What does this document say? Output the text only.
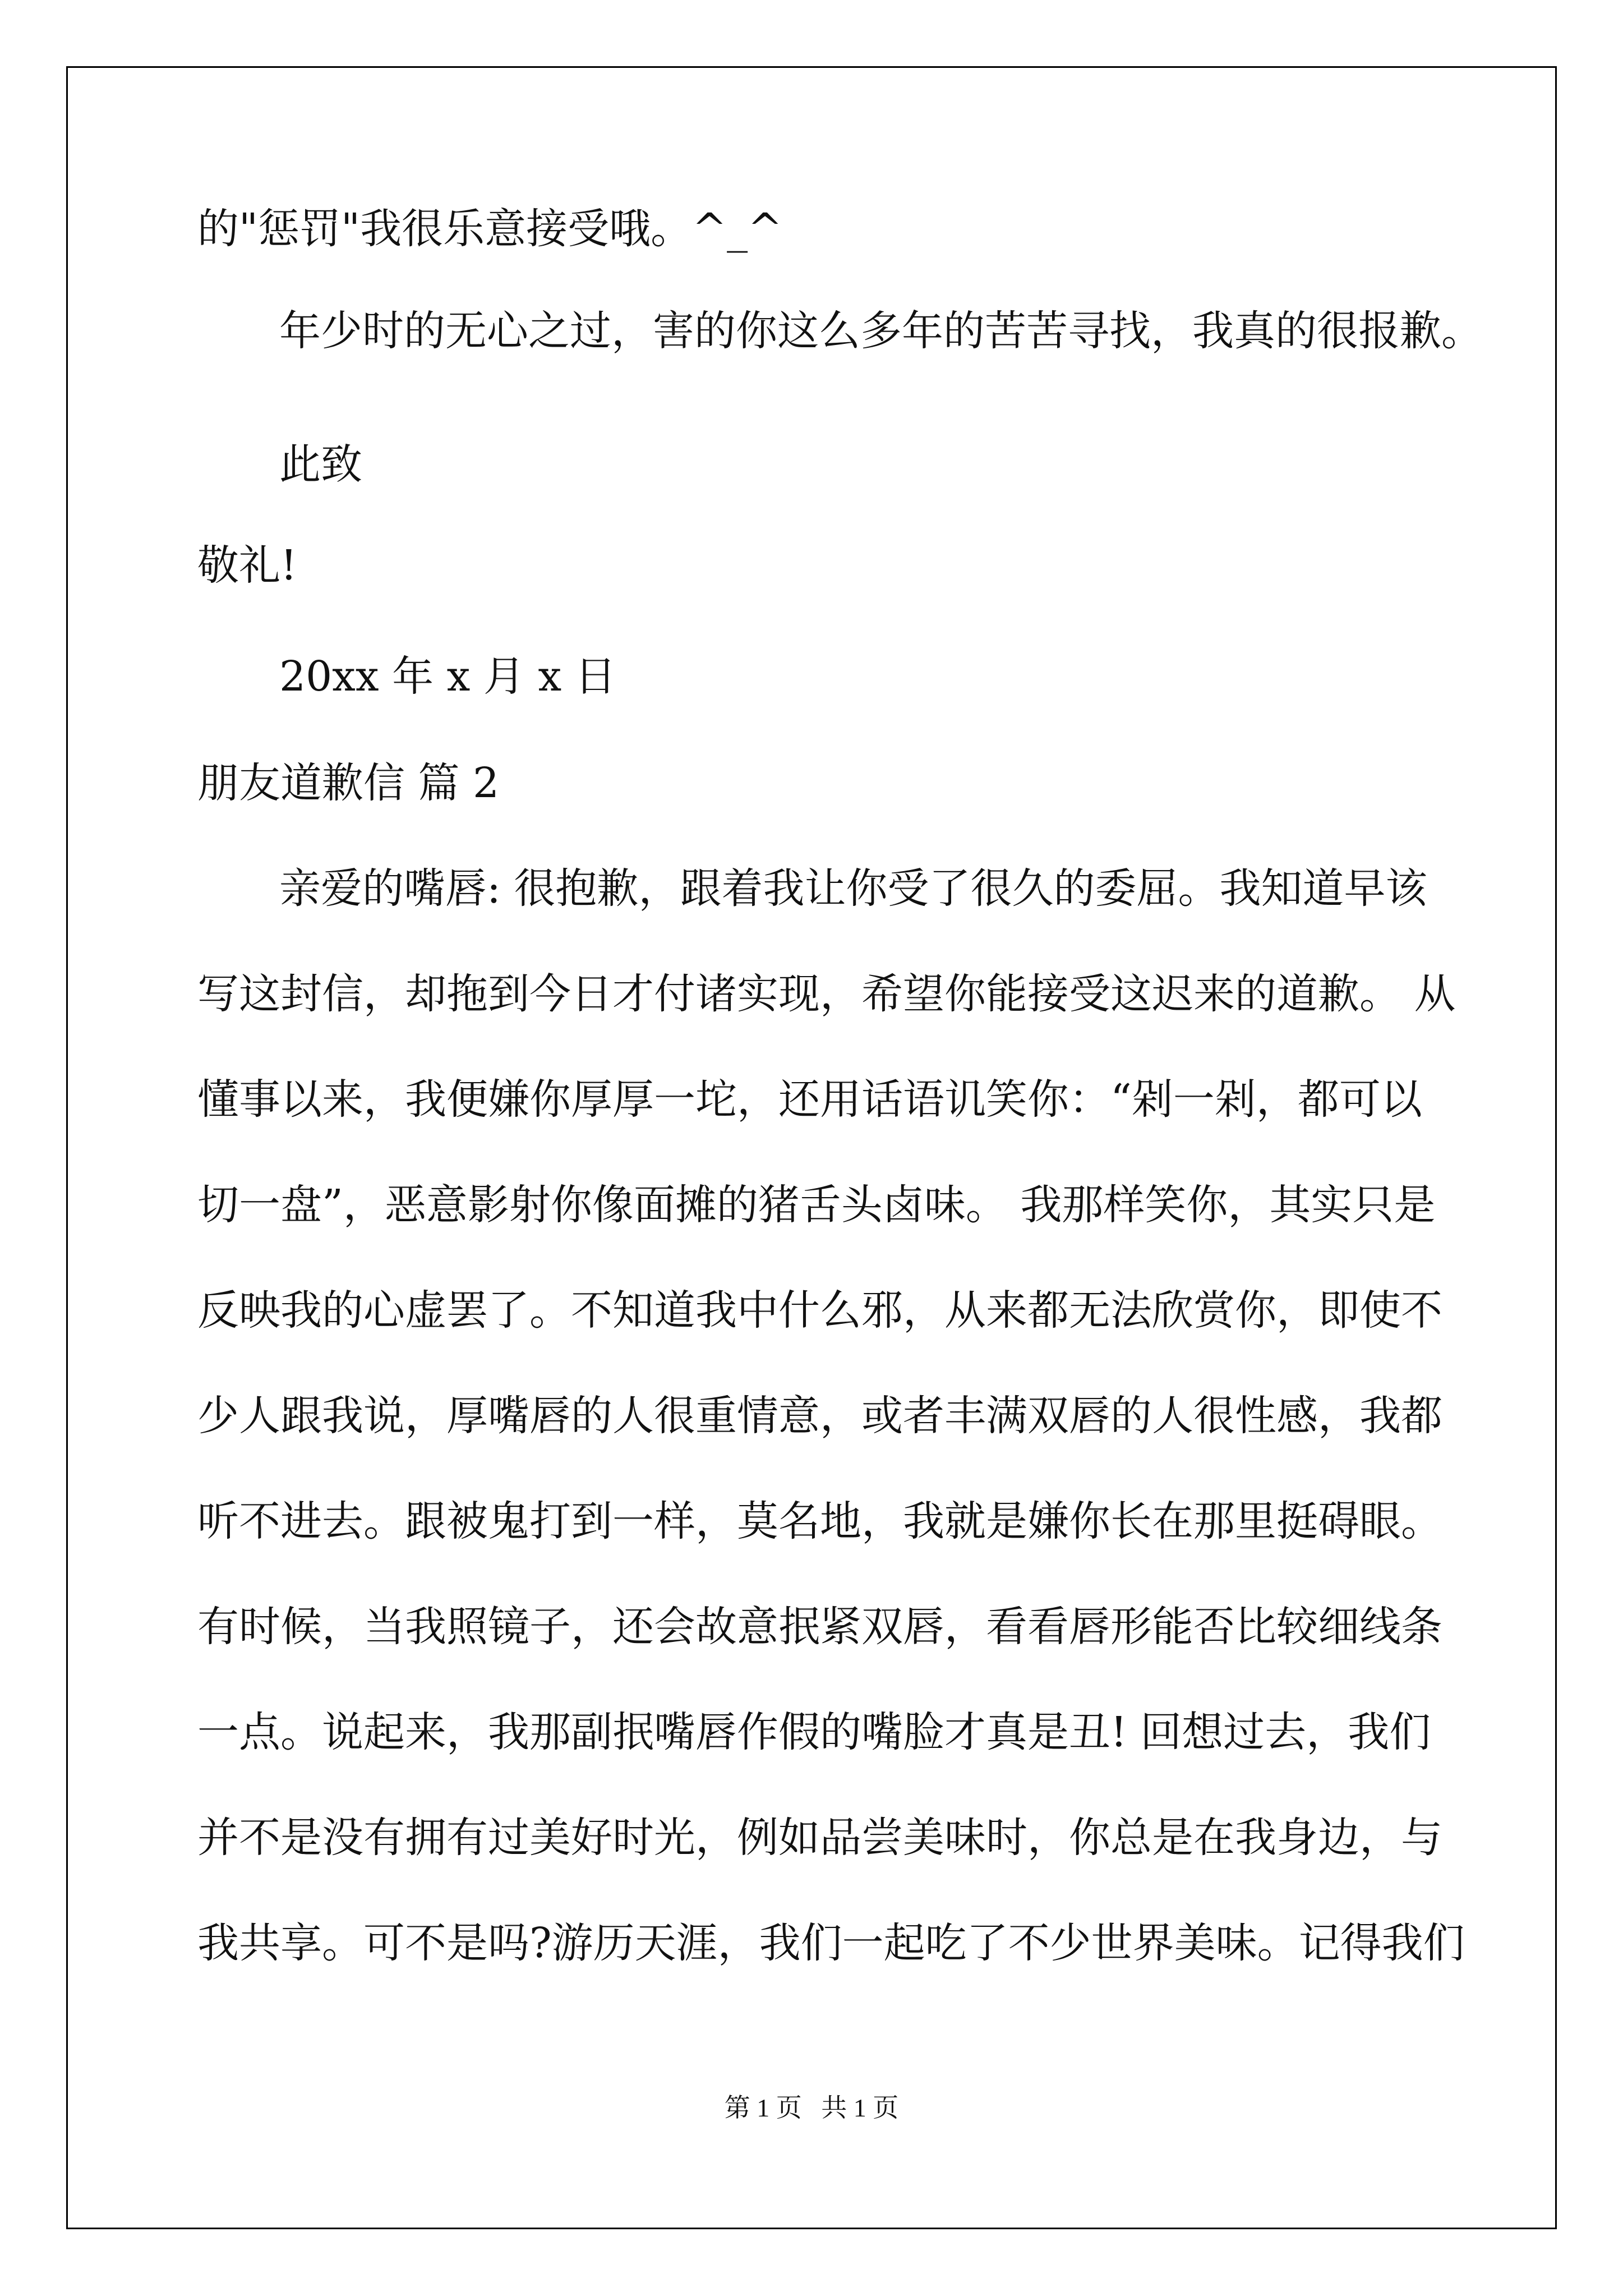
的"惩罚"我很乐意接受哦。^_^
年少时的无心之过，害的你这么多年的苦苦寻找，我真的很报歉。
此致
敬礼!
20xx 年 x 月 x 日
朋友道歉信 篇 2
亲爱的嘴唇: 很抱歉，跟着我让你受了很久的委屈。我知道早该
写这封信，却拖到今日才付诸实现，希望你能接受这迟来的道歉。 从
懂事以来，我便嫌你厚厚一坨，还用话语讥笑你：“剁一剁，都可以
切一盘”，恶意影射你像面摊的猪舌头卤味。 我那样笑你，其实只是
反映我的心虚罢了。不知道我中什么邪，从来都无法欣赏你，即使不
少人跟我说，厚嘴唇的人很重情意，或者丰满双唇的人很性感，我都
听不进去。跟被鬼打到一样，莫名地，我就是嫌你长在那里挺碍眼。
有时候，当我照镜子，还会故意抿紧双唇，看看唇形能否比较细线条
一点。说起来，我那副抿嘴唇作假的嘴脸才真是丑! 回想过去，我们
并不是没有拥有过美好时光，例如品尝美味时，你总是在我身边，与
我共享。可不是吗?游历天涯，我们一起吃了不少世界美味。记得我们
第 1 页   共 1 页
